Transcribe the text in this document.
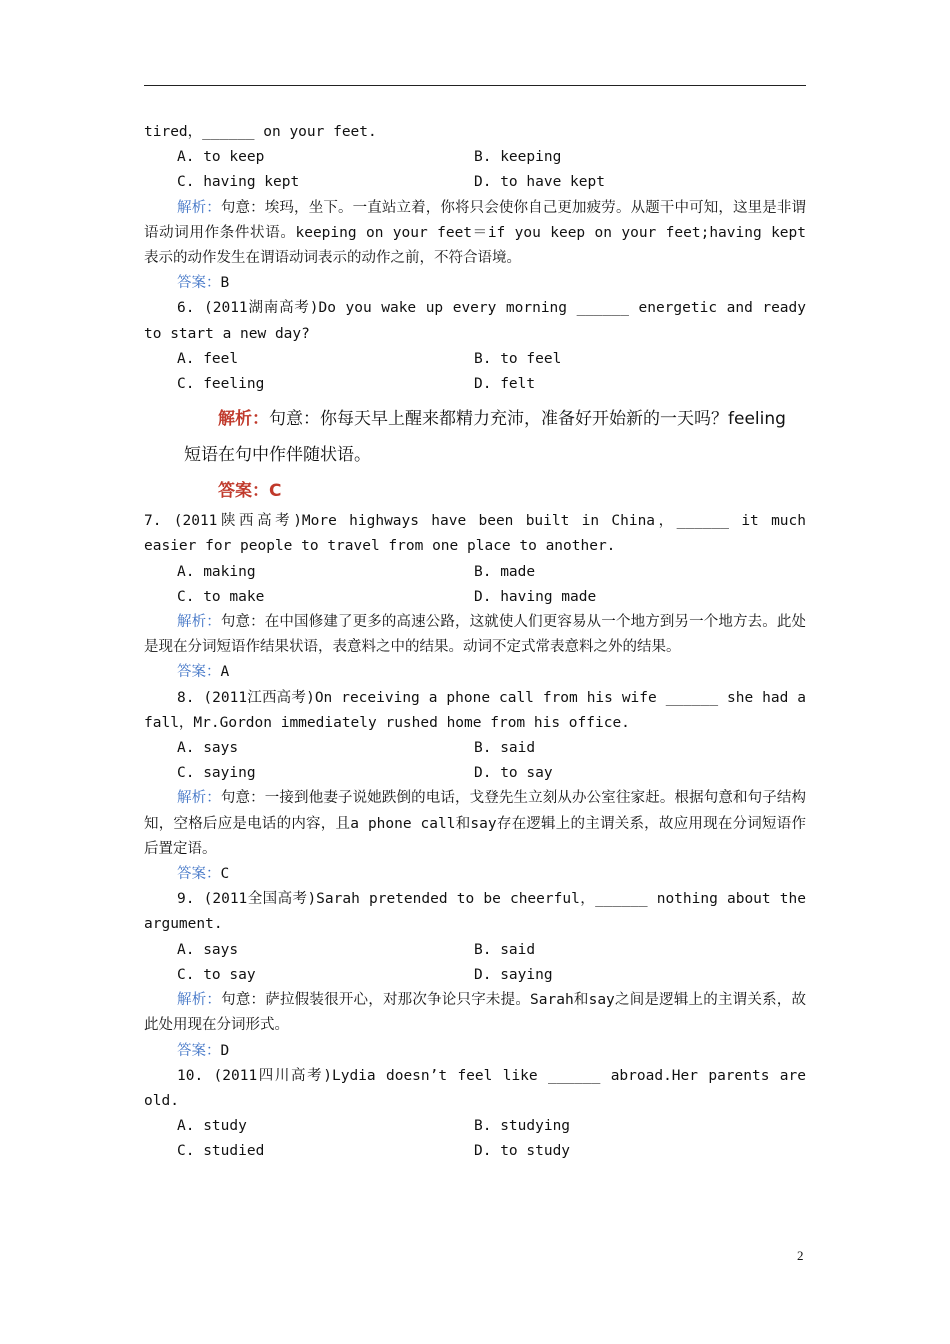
tired，______ on your feet.
A. to keep	B. keeping
C. having kept	D. to have kept
解析：句意：埃玛，坐下。一直站立着，你将只会使你自己更加疲劳。从题干中可知，这里是非谓语动词用作条件状语。keeping on your feet＝if you keep on your feet;having kept表示的动作发生在谓语动词表示的动作之前，不符合语境。
答案：B
6. (2011湖南高考)Do you wake up every morning ______ energetic and ready to start a new day?
A. feel	B. to feel
C. feeling	D. felt
解析：句意：你每天早上醒来都精力充沛，准备好开始新的一天吗？feeling
短语在句中作伴随状语。
答案：C
7. (2011陕西高考)More highways have been built in China，______ it much easier for people to travel from one place to another.
A. making	B. made
C. to make	D. having made
解析：句意：在中国修建了更多的高速公路，这就使人们更容易从一个地方到另一个地方去。此处是现在分词短语作结果状语，表意料之中的结果。动词不定式常表意料之外的结果。
答案：A
8. (2011江西高考)On receiving a phone call from his wife ______ she had a fall，Mr.Gordon immediately rushed home from his office.
A. says	B. said
C. saying	D. to say
解析：句意：一接到他妻子说她跌倒的电话，戈登先生立刻从办公室往家赶。根据句意和句子结构知，空格后应是电话的内容，且a phone call和say存在逻辑上的主谓关系，故应用现在分词短语作后置定语。
答案：C
9. (2011全国高考)Sarah pretended to be cheerful，______ nothing about the argument.
A. says	B. said
C. to say	D. saying
解析：句意：萨拉假装很开心，对那次争论只字未提。Sarah和say之间是逻辑上的主谓关系，故此处用现在分词形式。
答案：D
10. (2011四川高考)Lydia doesn’t feel like ______ abroad.Her parents are old.
A. study	B. studying
C. studied	D. to study
2
